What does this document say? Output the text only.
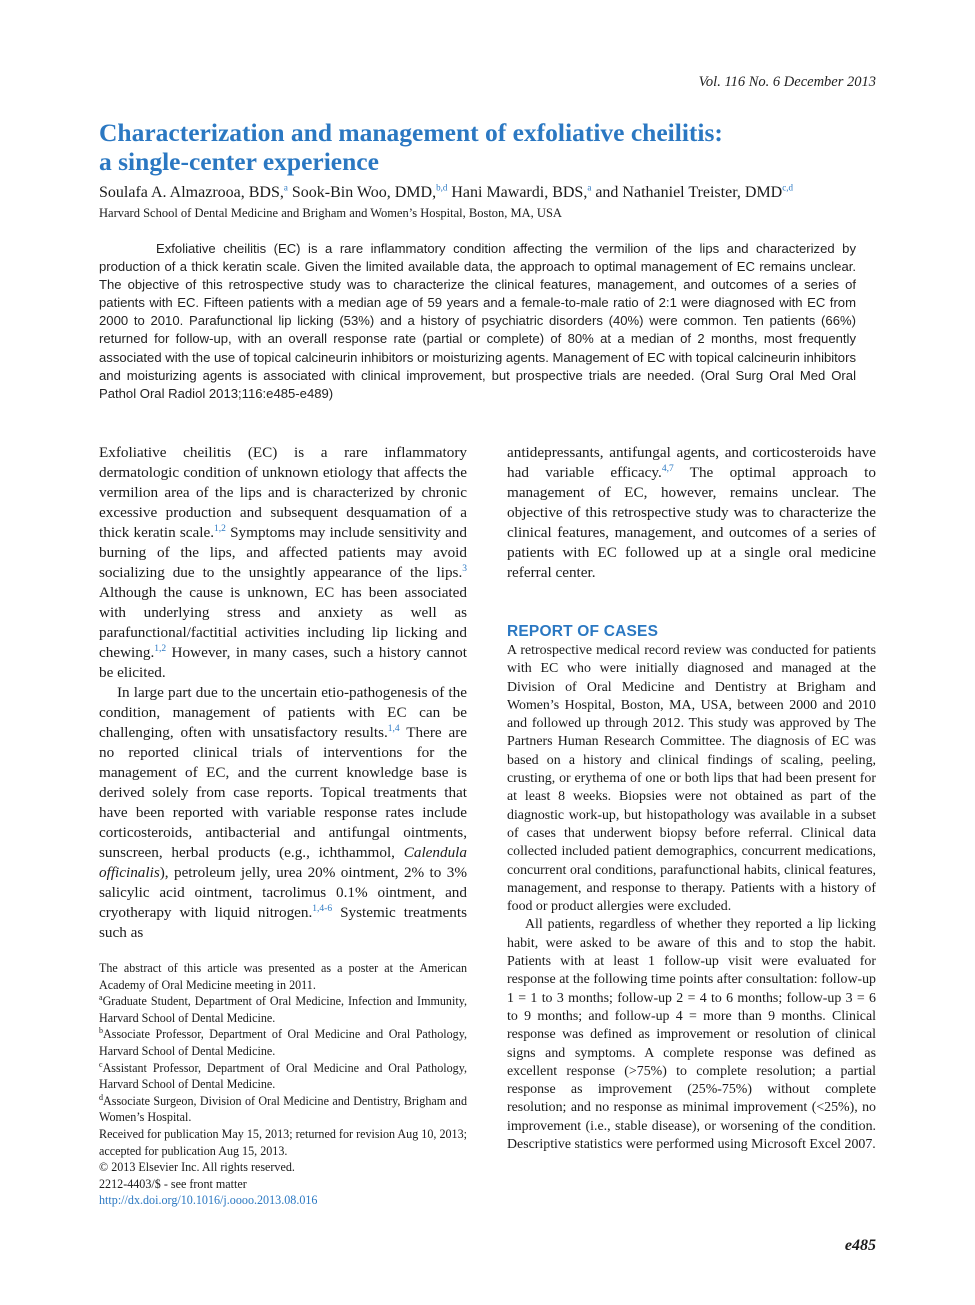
Vol. 116 No. 6 December 2013
Characterization and management of exfoliative cheilitis:
a single-center experience
Soulafa A. Almazrooa, BDS,$^a$ Sook-Bin Woo, DMD,$^{b,d}$ Hani Mawardi, BDS,$^a$ and Nathaniel Treister, DMD$^{c,d}$
Harvard School of Dental Medicine and Brigham and Women’s Hospital, Boston, MA, USA

Exfoliative cheilitis (EC) is a rare inflammatory condition affecting the vermilion of the lips and characterized by production of a thick keratin scale. Given the limited available data, the approach to optimal management of EC remains unclear. The objective of this retrospective study was to characterize the clinical features, management, and outcomes of a series of patients with EC. Fifteen patients with a median age of 59 years and a female-to-male ratio of 2:1 were diagnosed with EC from 2000 to 2010. Parafunctional lip licking (53%) and a history of psychiatric disorders (40%) were common. Ten patients (66%) returned for follow-up, with an overall response rate (partial or complete) of 80% at a median of 2 months, most frequently associated with the use of topical calcineurin inhibitors or moisturizing agents. Management of EC with topical calcineurin inhibitors and moisturizing agents is associated with clinical improvement, but prospective trials are needed. (Oral Surg Oral Med Oral Pathol Oral Radiol 2013;116:e485-e489)

Exfoliative cheilitis (EC) is a rare inflammatory dermatologic condition of unknown etiology that affects the vermilion area of the lips and is characterized by chronic excessive production and subsequent desquamation of a thick keratin scale.$^{1,2}$ Symptoms may include sensitivity and burning of the lips, and affected patients may avoid socializing due to the unsightly appearance of the lips.$^3$ Although the cause is unknown, EC has been associated with underlying stress and anxiety as well as parafunctional/factitial activities including lip licking and chewing.$^{1,2}$ However, in many cases, such a history cannot be elicited.

In large part due to the uncertain etio-pathogenesis of the condition, management of patients with EC can be challenging, often with unsatisfactory results.$^{1,4}$ There are no reported clinical trials of interventions for the management of EC, and the current knowledge base is derived solely from case reports. Topical treatments that have been reported with variable response rates include corticosteroids, antibacterial and antifungal ointments, sunscreen, herbal products (e.g., ichthammol, Calendula officinalis), petroleum jelly, urea 20% ointment, 2% to 3% salicylic acid ointment, tacrolimus 0.1% ointment, and cryotherapy with liquid nitrogen.$^{1,4-6}$ Systemic treatments such as

antidepressants, antifungal agents, and corticosteroids have had variable efficacy.$^{4,7}$ The optimal approach to management of EC, however, remains unclear. The objective of this retrospective study was to characterize the clinical features, management, and outcomes of a series of patients with EC followed up at a single oral medicine referral center.

REPORT OF CASES

A retrospective medical record review was conducted for patients with EC who were initially diagnosed and managed at the Division of Oral Medicine and Dentistry at Brigham and Women’s Hospital, Boston, MA, USA, between 2000 and 2010 and followed up through 2012. This study was approved by The Partners Human Research Committee. The diagnosis of EC was based on a history and clinical findings of scaling, peeling, crusting, or erythema of one or both lips that had been present for at least 8 weeks. Biopsies were not obtained as part of the diagnostic work-up, but histopathology was available in a subset of cases that underwent biopsy before referral. Clinical data collected included patient demographics, concurrent medications, concurrent oral conditions, parafunctional habits, clinical features, management, and response to therapy. Patients with a history of food or product allergies were excluded.

All patients, regardless of whether they reported a lip licking habit, were asked to be aware of this and to stop the habit. Patients with at least 1 follow-up visit were evaluated for response at the following time points after consultation: follow-up 1 = 1 to 3 months; follow-up 2 = 4 to 6 months; follow-up 3 = 6 to 9 months; and follow-up 4 = more than 9 months. Clinical response was defined as improvement or resolution of clinical signs and symptoms. A complete response was defined as excellent response (>75%) to complete resolution; a partial response as improvement (25%-75%) without complete resolution; and no response as minimal improvement (<25%), no improvement (i.e., stable disease), or worsening of the condition. Descriptive statistics were performed using Microsoft Excel 2007.

The abstract of this article was presented as a poster at the American Academy of Oral Medicine meeting in 2011.
$^a$Graduate Student, Department of Oral Medicine, Infection and Immunity, Harvard School of Dental Medicine.
$^b$Associate Professor, Department of Oral Medicine and Oral Pathology, Harvard School of Dental Medicine.
$^c$Assistant Professor, Department of Oral Medicine and Oral Pathology, Harvard School of Dental Medicine.
$^d$Associate Surgeon, Division of Oral Medicine and Dentistry, Brigham and Women’s Hospital.
Received for publication May 15, 2013; returned for revision Aug 10, 2013; accepted for publication Aug 15, 2013.
© 2013 Elsevier Inc. All rights reserved.
2212-4403/$ - see front matter
http://dx.doi.org/10.1016/j.oooo.2013.08.016
e485
